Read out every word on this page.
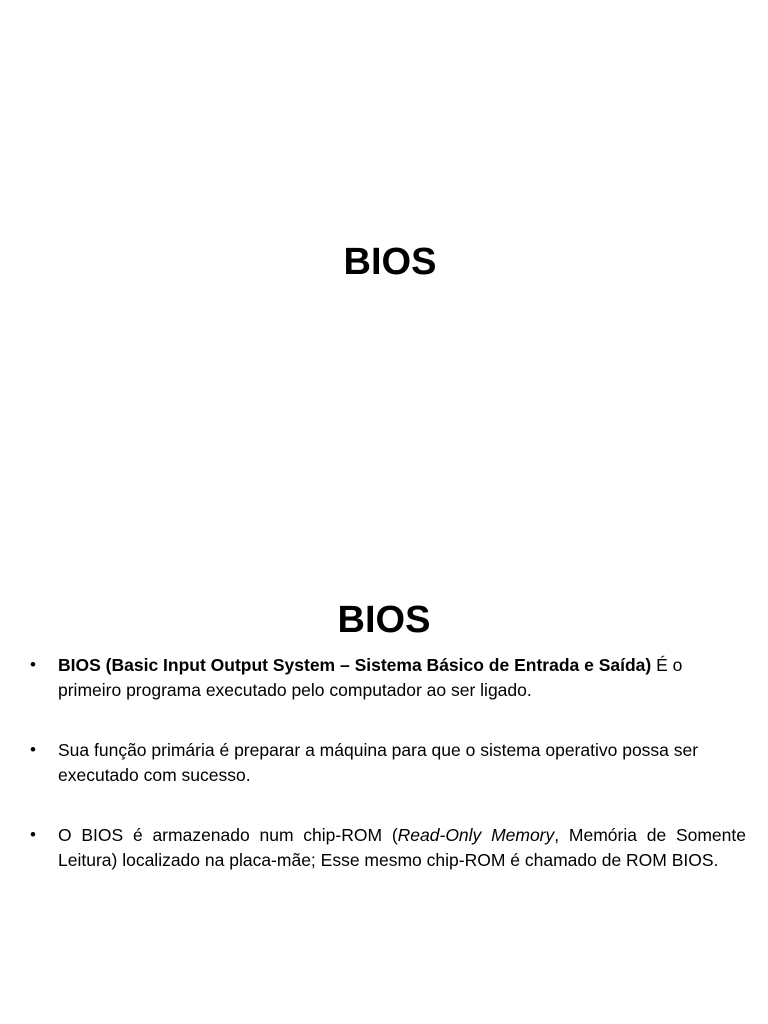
BIOS
BIOS
• BIOS (Basic Input Output System – Sistema Básico de Entrada e Saída) É o primeiro programa executado pelo computador ao ser ligado.
• Sua função primária é preparar a máquina para que o sistema operativo possa ser executado com sucesso.
• O BIOS é armazenado num chip-ROM (Read-Only Memory, Memória de Somente Leitura) localizado na placa-mãe; Esse mesmo chip-ROM é chamado de ROM BIOS.
